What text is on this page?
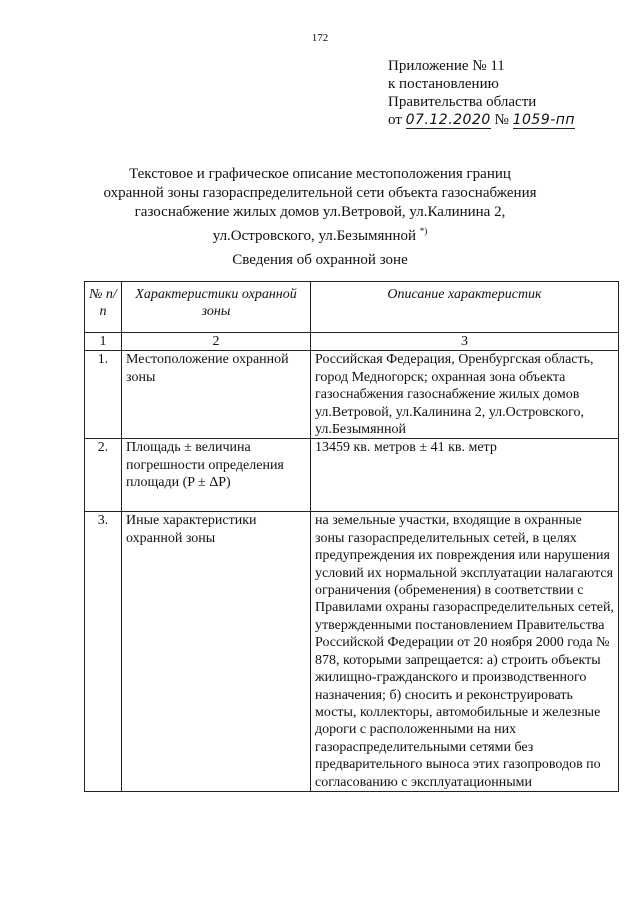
172
Приложение № 11
к постановлению
Правительства области
от 07.12.2020 № 1059-пп
Текстовое и графическое описание местоположения границ
охранной зоны газораспределительной сети объекта газоснабжения
газоснабжение жилых домов ул.Ветровой, ул.Калинина 2,
ул.Островского, ул.Безымянной *)
Сведения об охранной зоне
№ п/п	Характеристики охранной зоны	Описание характеристик
1	2	3
1.	Местоположение охранной зоны	Российская Федерация, Оренбургская область, город Медногорск; охранная зона объекта газоснабжения газоснабжение жилых домов ул.Ветровой, ул.Калинина 2, ул.Островского, ул.Безымянной
2.	Площадь ± величина погрешности определения площади (P ± ΔP)	13459 кв. метров ± 41 кв. метр
3.	Иные характеристики охранной зоны	на земельные участки, входящие в охранные зоны газораспределительных сетей, в целях предупреждения их повреждения или нарушения условий их нормальной эксплуатации налагаются ограничения (обременения) в соответствии с Правилами охраны газораспределительных сетей, утвержденными постановлением Правительства Российской Федерации от 20 ноября 2000 года № 878, которыми запрещается: а) строить объекты жилищно-гражданского и производственного назначения; б) сносить и реконструировать мосты, коллекторы, автомобильные и железные дороги с расположенными на них газораспределительными сетями без предварительного выноса этих газопроводов по согласованию с эксплуатационными
